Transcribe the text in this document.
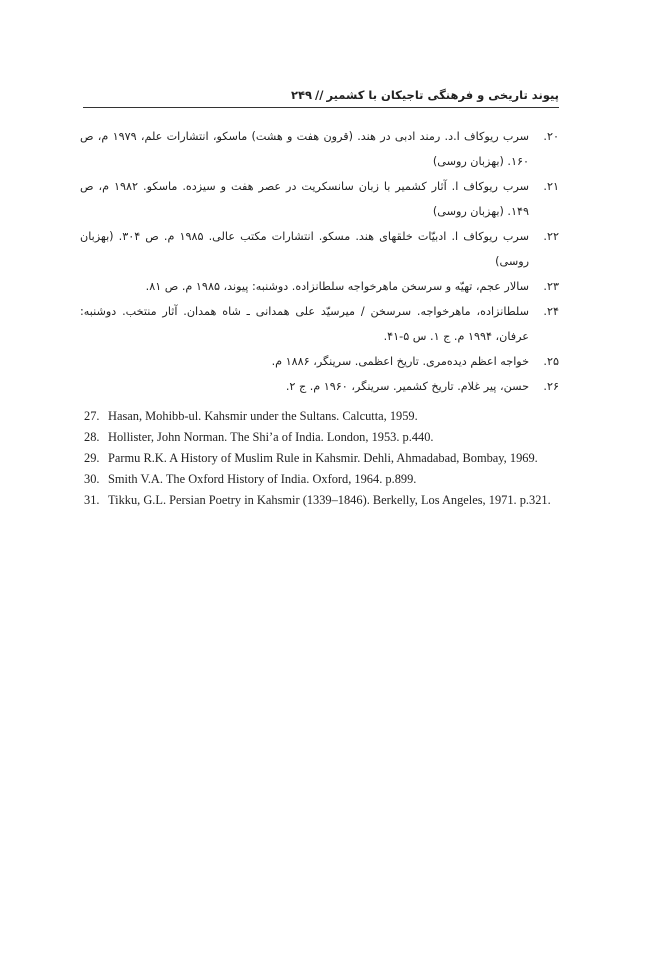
پیوند تاریخی و فرهنگی تاجیکان با کشمیر//۲۴۹
۲۰.
سرب ریوکاف ا.د. رمند ادبی در هند. (قرون هفت و هشت) ماسکو، انتشارات علم، ۱۹۷۹ م، ص ۱۶۰. (بهزبان روسی)
۲۱.
سرب ریوکاف ا. آثار کشمیر با زبان سانسکریت در عصر هفت و سیزده. ماسکو. ۱۹۸۲ م، ص ۱۴۹. (بهزبان روسی)
۲۲.
سرب ریوکاف ا. ادبیّات خلقهای هند. مسکو. انتشارات مکتب عالی. ۱۹۸۵ م. ص ۳۰۴. (بهزبان روسی)
۲۳.
سالار عجم، تهیّه و سرسخن ماهرخواجه سلطانزاده. دوشنبه: پیوند، ۱۹۸۵ م. ص ۸۱.
۲۴.
سلطانزاده، ماهرخواجه. سرسخن / میرسیّد علی همدانی ـ شاه همدان. آثار منتخب. دوشنبه: عرفان، ۱۹۹۴ م. ج ۱. س ۵-۴۱.
۲۵.
خواجه اعظم دیده‌مری. تاریخ اعظمی. سرینگر، ۱۸۸۶ م.
۲۶.
حسن، پیر غلام. تاریخ کشمیر. سرینگر، ۱۹۶۰ م. ج ۲.
27. Hasan, Mohibb-ul. Kahsmir under the Sultans. Calcutta, 1959.
28. Hollister, John Norman. The Shi’a of India. London, 1953. p.440.
29. Parmu R.K. A History of Muslim Rule in Kahsmir. Dehli, Ahmadabad, Bombay, 1969.
30. Smith V.A. The Oxford History of India. Oxford, 1964. p.899.
31. Tikku, G.L. Persian Poetry in Kahsmir (1339–1846). Berkelly, Los Angeles, 1971. p.321.
